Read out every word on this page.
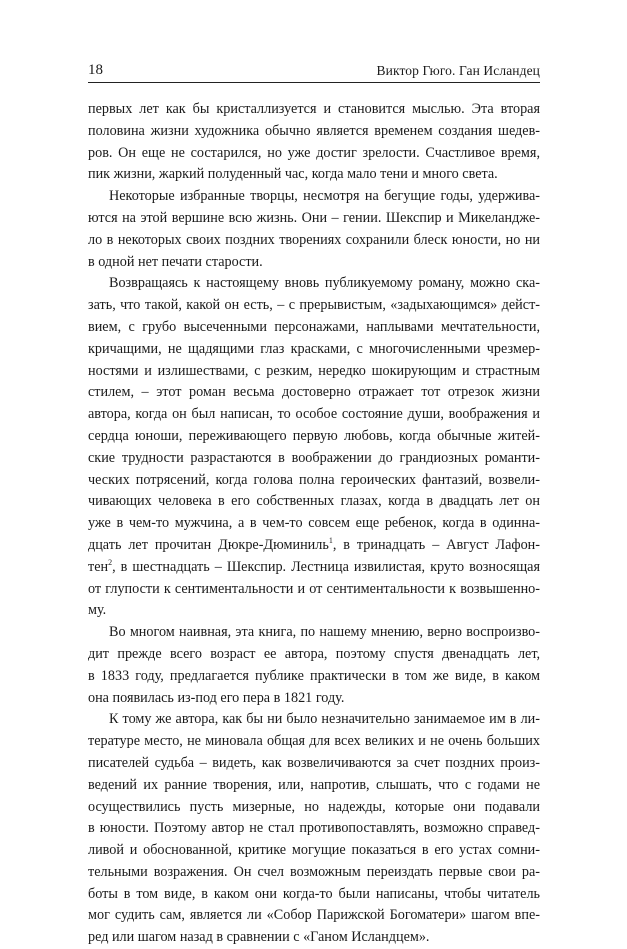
18	Виктор Гюго. Ган Исландец

первых лет как бы кристаллизуется и становится мыслью. Эта вторая
половина жизни художника обычно является временем создания шедев-
ров. Он еще не состарился, но уже достиг зрелости. Счастливое время,
пик жизни, жаркий полуденный час, когда мало тени и много света.

Некоторые избранные творцы, несмотря на бегущие годы, удержива-
ются на этой вершине всю жизнь. Они – гении. Шекспир и Микеландже-
ло в некоторых своих поздних творениях сохранили блеск юности, но ни
в одной нет печати старости.

Возвращаясь к настоящему вновь публикуемому роману, можно ска-
зать, что такой, какой он есть, – с прерывистым, «задыхающимся» дейст-
вием, с грубо высеченными персонажами, наплывами мечтательности,
кричащими, не щадящими глаз красками, с многочисленными чрезмер-
ностями и излишествами, с резким, нередко шокирующим и страстным
стилем, – этот роман весьма достоверно отражает тот отрезок жизни
автора, когда он был написан, то особое состояние души, воображения и
сердца юноши, переживающего первую любовь, когда обычные житей-
ские трудности разрастаются в воображении до грандиозных романти-
ческих потрясений, когда голова полна героических фантазий, возвели-
чивающих человека в его собственных глазах, когда в двадцать лет он
уже в чем-то мужчина, а в чем-то совсем еще ребенок, когда в одинна-
дцать лет прочитан Дюкре-Дюминиль$^1$, в тринадцать – Август Лафон-
тен$^2$, в шестнадцать – Шекспир. Лестница извилистая, круто возносящая
от глупости к сентиментальности и от сентиментальности к возвышенно-
му.

Во многом наивная, эта книга, по нашему мнению, верно воспроизво-
дит прежде всего возраст ее автора, поэтому спустя двенадцать лет,
в 1833 году, предлагается публике практически в том же виде, в каком
она появилась из-под его пера в 1821 году.

К тому же автора, как бы ни было незначительно занимаемое им в ли-
тературе место, не миновала общая для всех великих и не очень больших
писателей судьба – видеть, как возвеличиваются за счет поздних произ-
ведений их ранние творения, или, напротив, слышать, что с годами не
осуществились пусть мизерные, но надежды, которые они подавали
в юности. Поэтому автор не стал противопоставлять, возможно справед-
ливой и обоснованной, критике могущие показаться в его устах сомни-
тельными возражения. Он счел возможным переиздать первые свои ра-
боты в том виде, в каком они когда-то были написаны, чтобы читатель
мог судить сам, является ли «Собор Парижской Богоматери» шагом впе-
ред или шагом назад в сравнении с «Ганом Исландцем».
